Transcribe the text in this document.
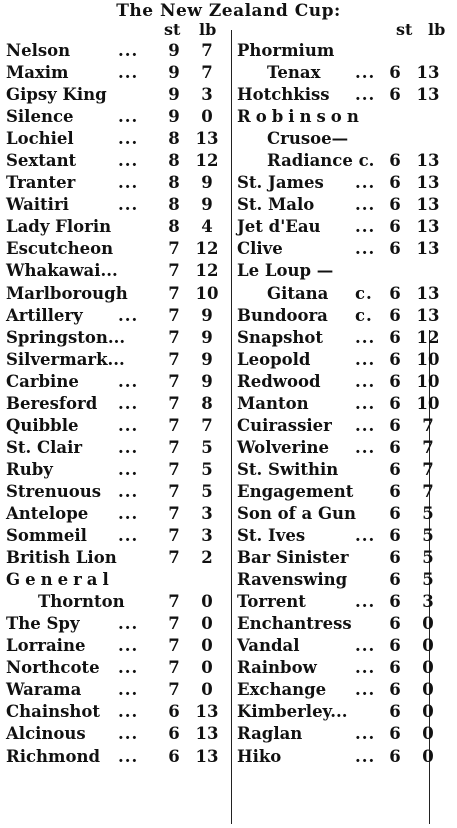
The New Zealand Cup:
st lb	st lb
Nelson	... 9	7
Maxim	... 9	7
Gipsy King	9	3
Silence	... 9	0
Lochiel	... 8 13
Sextant	... 8 12
Tranter	... 8	9
Waitiri	... 8	9
Lady Florin	8	4
Escutcheon	7 12
Whakawai...	7 12
Marlborough 7 10
Artillery ... 7	9
Springston...	7	9
Silvermark...	7	9
Carbine ... 7	9
Beresford ... 7	8
Quibble ... 7	7
St. Clair ... 7	5
Ruby	... 7	5
Strenuous ... 7	5
Antelope ... 7	3
Sommeil ... 7	3
British Lion	7	2
General
Thornton	7	0
The Spy ... 7	0
Lorraine ... 7	0
Northcote ... 7	0
Warama ... 7	0
Chainshot ... 6 13
Alcinous ... 6 13
Richmond ... 6 13
Phormium
Tenax ... 6 13
Hotchkiss ... 6 13
Robinson
Crusoe—
Radiance c. 6 13
St. James ... 6 13
St. Malo ... 6 13
Jet d'Eau ... 6 13
Clive	... 6 13
Le Loup —
Gitana c. 6 13
Bundoora c. 6 13
Snapshot ... 6 12
Leopold	... 6 10
Redwood ... 6 10
Manton	... 6 10
Cuirassier ... 6	7
Wolverine ... 6	7
St. Swithin	6	7
Engagement 6	7
Son of a Gun 6	5
St. Ives	... 6	5
Bar Sinister 6	5
Ravenswing	6	5
Torrent	... 6	3
Enchantress 6	0
Vandal	... 6	0
Rainbow ... 6	0
Exchange ... 6	0
Kimberley...	6	0
Raglan	... 6	0
Hiko	... 6	0
